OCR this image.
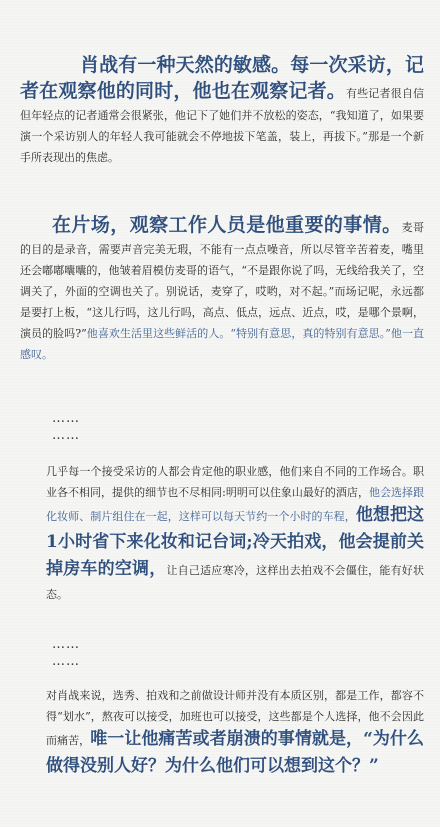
肖战有一种天然的敏感。每一次采访，记者在观察他的同时，他也在观察记者。有些记者很自信但年轻点的记者通常会很紧张，他记下了她们并不放松的姿态，“我知道了，如果要演一个采访别人的年轻人我可能就会不停地拔下笔盖，装上，再拔下。”那是一个新手所表现出的焦虑。

在片场，观察工作人员是他重要的事情。麦哥的目的是录音，需要声音完美无瑕，不能有一点点噪音，所以尽管辛苦着麦，嘴里还会嘟嘟囔囔的，他皱着眉模仿麦哥的语气，“不是跟你说了吗，无线给我关了，空调关了，外面的空调也关了。别说话，麦穿了，哎哟，对不起。”而场记呢，永远都是要打上板，“这儿行吗，这儿行吗，高点、低点，远点、近点，哎，是哪个景啊，演员的脸吗?”他喜欢生活里这些鲜活的人。“特别有意思，真的特别有意思。”他一直感叹。

……

……

几乎每一个接受采访的人都会肯定他的职业感，他们来自不同的工作场合。职业各不相同，提供的细节也不尽相同:明明可以住象山最好的酒店，他会选择跟化妆师、制片组住在一起，这样可以每天节约一个小时的车程，他想把这1小时省下来化妆和记台词;冷天拍戏，他会提前关掉房车的空调，让自己适应寒冷，这样出去拍戏不会僵住，能有好状态。

……

……

对肖战来说，选秀、拍戏和之前做设计师并没有本质区别，都是工作，都容不得“划水”，熬夜可以接受，加班也可以接受，这些都是个人选择，他不会因此而痛苦，唯一让他痛苦或者崩溃的事情就是，“为什么做得没别人好？为什么他们可以想到这个？”
